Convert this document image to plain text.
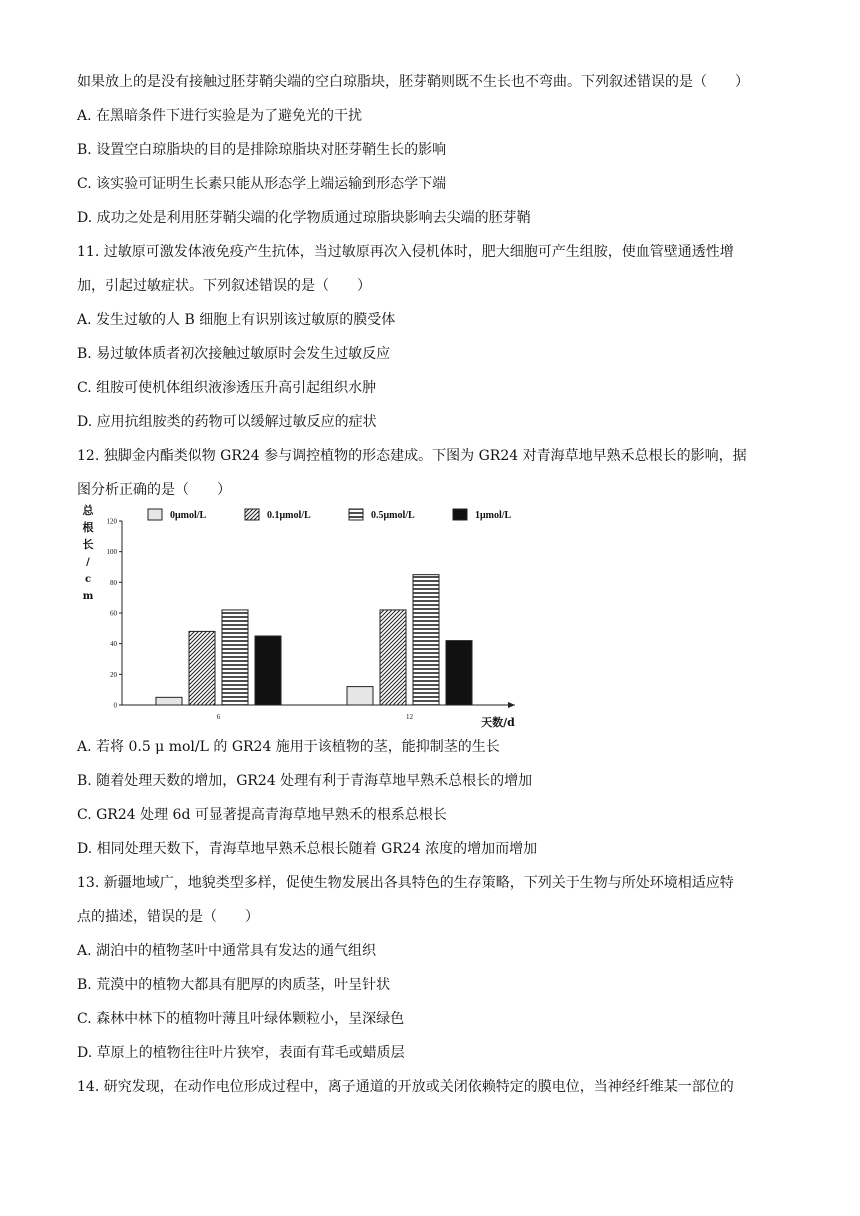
如果放上的是没有接触过胚芽鞘尖端的空白琼脂块，胚芽鞘则既不生长也不弯曲。下列叙述错误的是（　　）
A. 在黑暗条件下进行实验是为了避免光的干扰
B. 设置空白琼脂块的目的是排除琼脂块对胚芽鞘生长的影响
C. 该实验可证明生长素只能从形态学上端运输到形态学下端
D. 成功之处是利用胚芽鞘尖端的化学物质通过琼脂块影响去尖端的胚芽鞘
11. 过敏原可激发体液免疫产生抗体，当过敏原再次入侵机体时，肥大细胞可产生组胺，使血管壁通透性增
加，引起过敏症状。下列叙述错误的是（　　）
A. 发生过敏的人 B 细胞上有识别该过敏原的膜受体
B. 易过敏体质者初次接触过敏原时会发生过敏反应
C. 组胺可使机体组织液渗透压升高引起组织水肿
D. 应用抗组胺类的药物可以缓解过敏反应的症状
12. 独脚金内酯类似物 GR24 参与调控植物的形态建成。下图为 GR24 对青海草地早熟禾总根长的影响，据
图分析正确的是（　　）
总根长/ c m
天数/d
0
20
40
60
80
100
120
6	12
0μmol/L	0.1μmol/L	0.5μmol/L	1μmol/L
A. 若将 0.5 μ mol/L 的 GR24 施用于该植物的茎，能抑制茎的生长
B. 随着处理天数的增加，GR24 处理有利于青海草地早熟禾总根长的增加
C. GR24 处理 6d 可显著提高青海草地早熟禾的根系总根长
D. 相同处理天数下，青海草地早熟禾总根长随着 GR24 浓度的增加而增加
13. 新疆地域广，地貌类型多样，促使生物发展出各具特色的生存策略，下列关于生物与所处环境相适应特
点的描述，错误的是（　　）
A. 湖泊中的植物茎叶中通常具有发达的通气组织
B. 荒漠中的植物大都具有肥厚的肉质茎，叶呈针状
C. 森林中林下的植物叶薄且叶绿体颗粒小，呈深绿色
D. 草原上的植物往往叶片狭窄，表面有茸毛或蜡质层
14. 研究发现，在动作电位形成过程中，离子通道的开放或关闭依赖特定的膜电位，当神经纤维某一部位的
